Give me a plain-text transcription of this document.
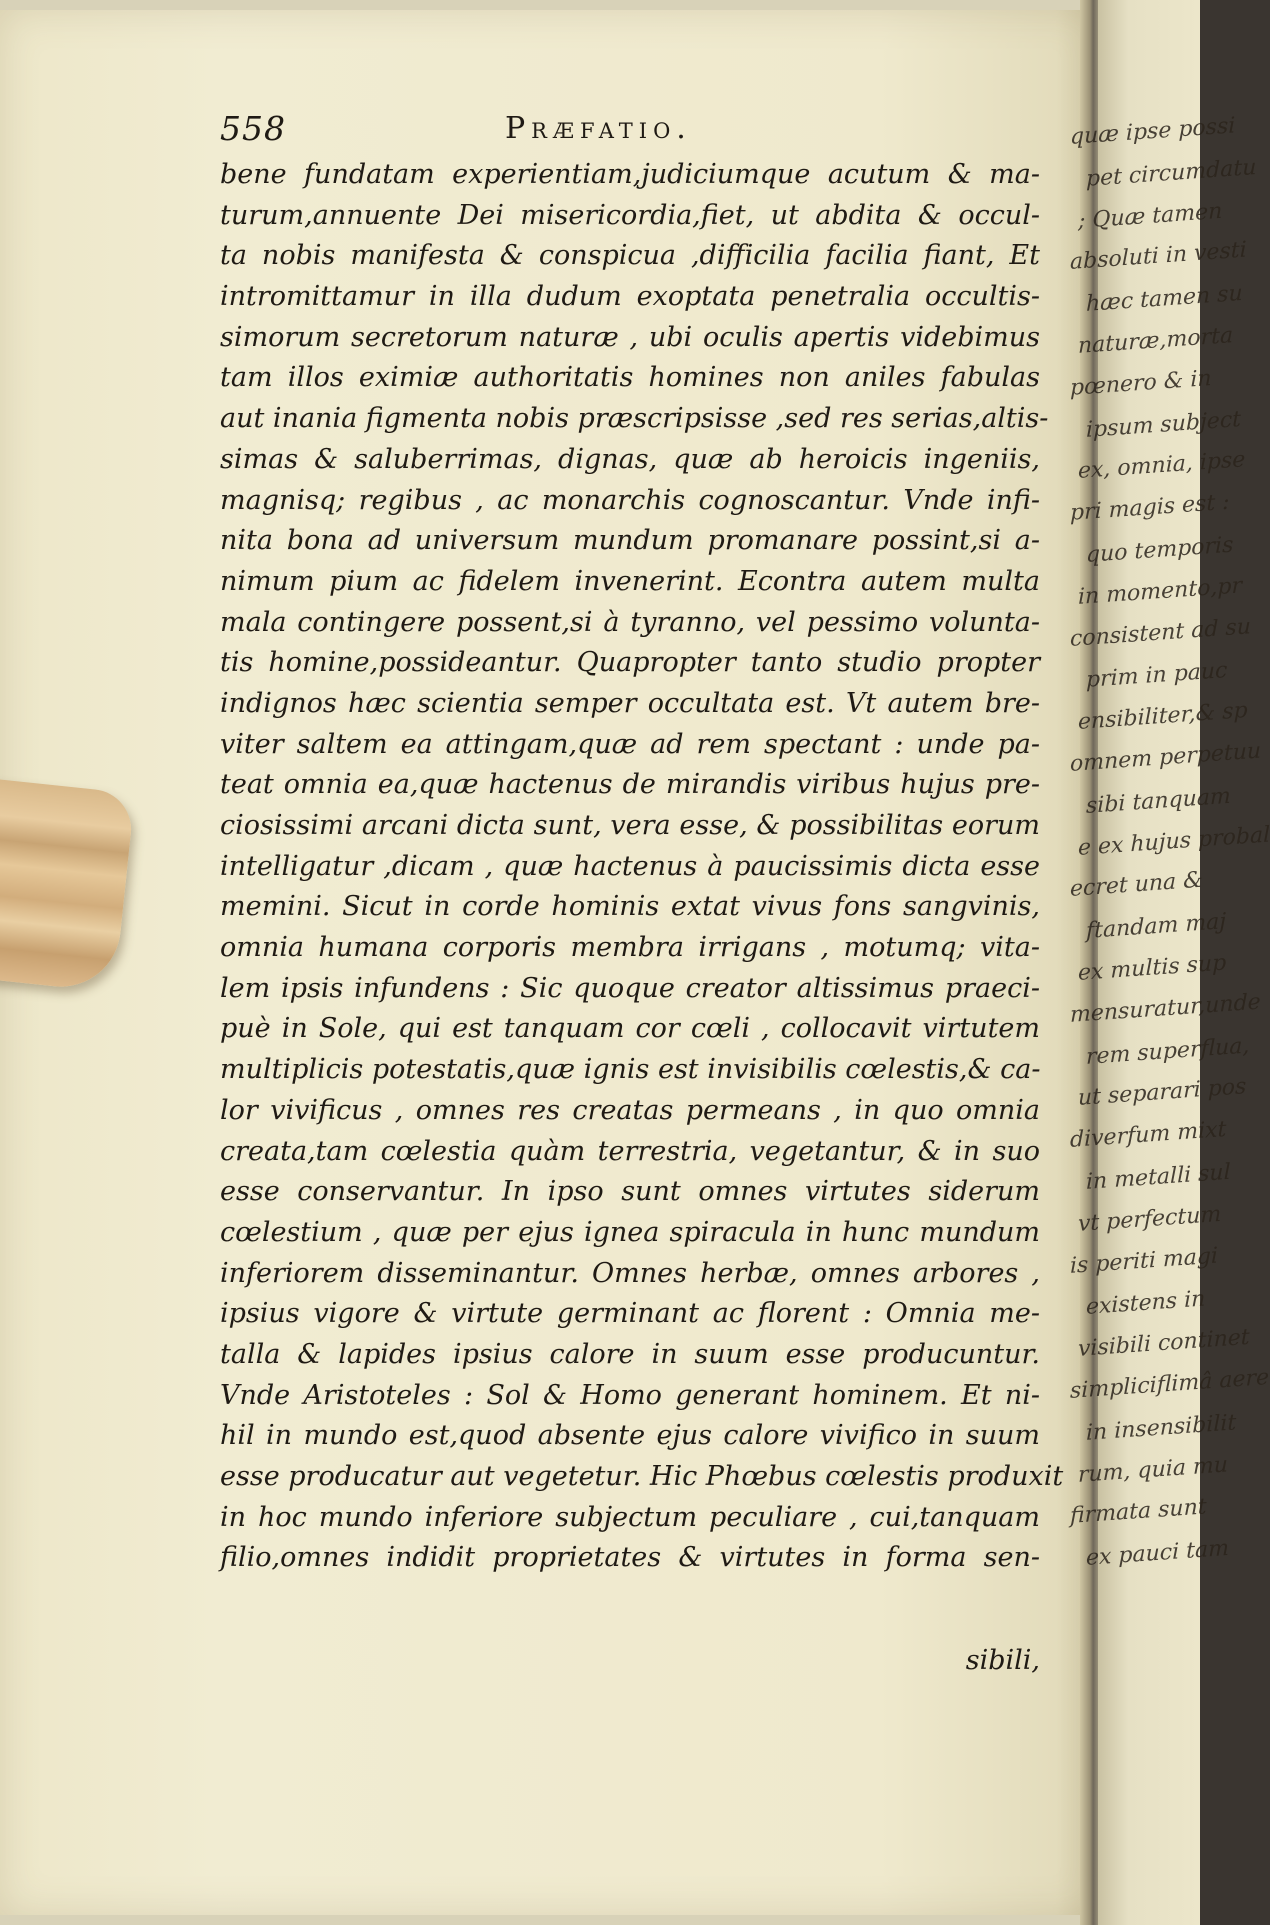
558	Præfatio.
bene fundatam experientiam,judiciumque acutum & ma-
turum,annuente Dei misericordia,fiet, ut abdita & occul-
ta nobis manifesta & conspicua ,difficilia facilia fiant, Et
intromittamur in illa dudum exoptata penetralia occultis-
simorum secretorum naturæ , ubi oculis apertis videbimus
tam illos eximiæ authoritatis homines non aniles fabulas
aut inania figmenta nobis præscripsisse ,sed res serias,altis-
simas & saluberrimas, dignas, quæ ab heroicis ingeniis,
magnisq; regibus , ac monarchis cognoscantur. Vnde infi-
nita bona ad universum mundum promanare possint,si a-
nimum pium ac fidelem invenerint. Econtra autem multa
mala contingere possent,si à tyranno, vel pessimo volunta-
tis homine,possideantur. Quapropter tanto studio propter
indignos hæc scientia semper occultata est. Vt autem bre-
viter saltem ea attingam,quæ ad rem spectant : unde pa-
teat omnia ea,quæ hactenus de mirandis viribus hujus pre-
ciosissimi arcani dicta sunt, vera esse, & possibilitas eorum
intelligatur ,dicam , quæ hactenus à paucissimis dicta esse
memini. Sicut in corde hominis extat vivus fons sangvinis,
omnia humana corporis membra irrigans , motumq; vita-
lem ipsis infundens : Sic quoque creator altissimus praeci-
puè in Sole, qui est tanquam cor cœli , collocavit virtutem
multiplicis potestatis,quæ ignis est invisibilis cœlestis,& ca-
lor vivificus , omnes res creatas permeans , in quo omnia
creata,tam cœlestia quàm terrestria, vegetantur, & in suo
esse conservantur. In ipso sunt omnes virtutes siderum
cœlestium , quæ per ejus ignea spiracula in hunc mundum
inferiorem disseminantur. Omnes herbæ, omnes arbores ,
ipsius vigore & virtute germinant ac florent : Omnia me-
talla & lapides ipsius calore in suum esse producuntur.
Vnde Aristoteles : Sol & Homo generant hominem. Et ni-
hil in mundo est,quod absente ejus calore vivifico in suum
esse producatur aut vegetetur. Hic Phœbus cœlestis produxit
in hoc mundo inferiore subjectum peculiare , cui,tanquam
filio,omnes indidit proprietates & virtutes in forma sen-
sibili,
quæ ipse possi
pet circumdatu
; Quæ tamen
absoluti in vesti
hæc tamen su
naturæ,morta
pœnero & in
ipsum subject
ex, omnia, ipse
pri magis est :
quo temporis
in momento,pr
consistent ad su
prim in pauc
ensibiliter,& sp
omnem perpetuu
sibi tanquam
e ex hujus probal
ecret una &
ftandam maj
ex multis sup
mensuratur,unde
rem superflua,
ut separari pos
diverfum mixt
in metalli sul
vt perfectum
is periti magi
existens in
visibili continet
simpliciflimâ aere
in insensibilit
rum, quia mu
firmata sunt
ex pauci tam
